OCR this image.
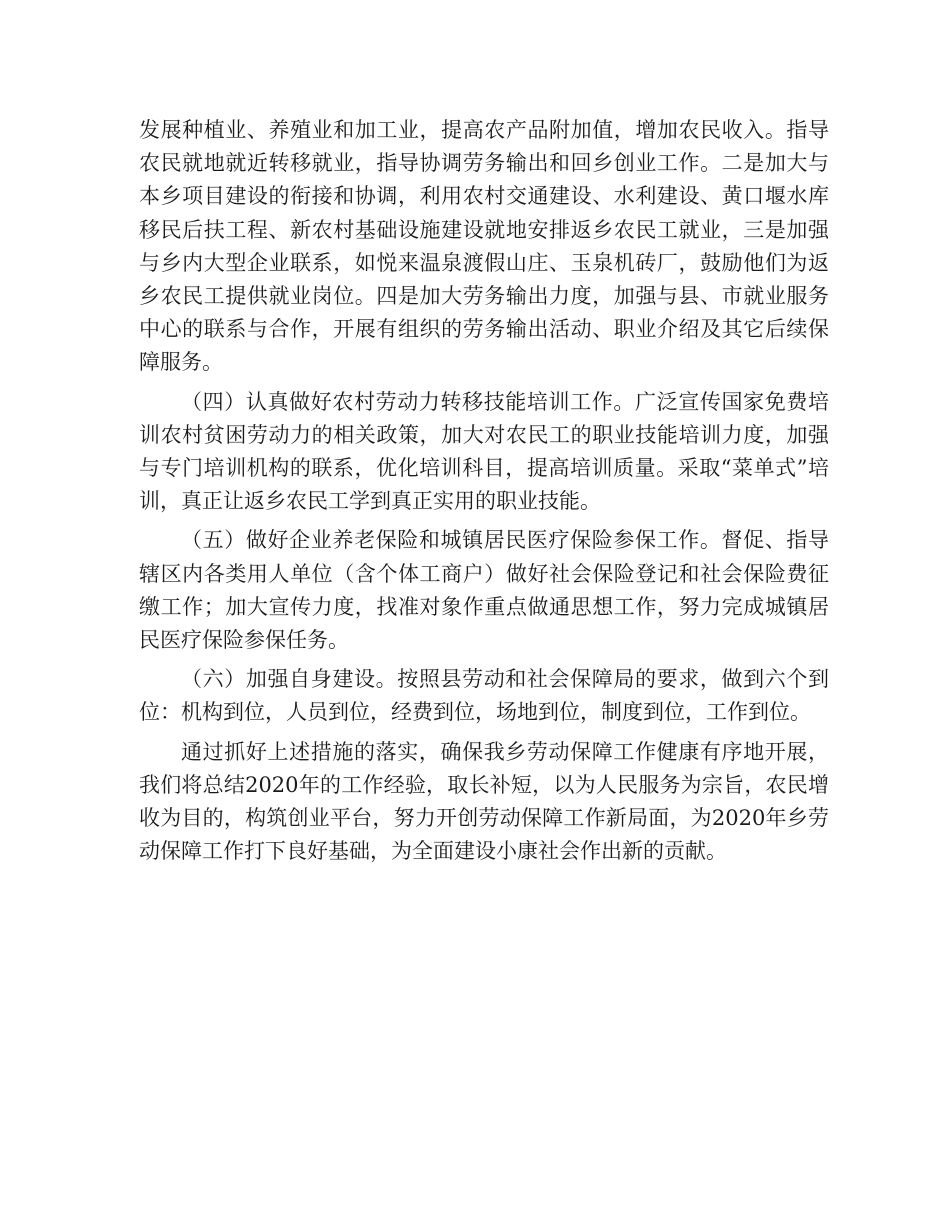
发展种植业、养殖业和加工业，提高农产品附加值，增加农民收入。指导农民就地就近转移就业，指导协调劳务输出和回乡创业工作。二是加大与本乡项目建设的衔接和协调，利用农村交通建设、水利建设、黄口堰水库移民后扶工程、新农村基础设施建设就地安排返乡农民工就业，三是加强与乡内大型企业联系，如悦来温泉渡假山庄、玉泉机砖厂，鼓励他们为返乡农民工提供就业岗位。四是加大劳务输出力度，加强与县、市就业服务中心的联系与合作，开展有组织的劳务输出活动、职业介绍及其它后续保障服务。

（四）认真做好农村劳动力转移技能培训工作。广泛宣传国家免费培训农村贫困劳动力的相关政策，加大对农民工的职业技能培训力度，加强与专门培训机构的联系，优化培训科目，提高培训质量。采取“菜单式”培训，真正让返乡农民工学到真正实用的职业技能。

（五）做好企业养老保险和城镇居民医疗保险参保工作。督促、指导辖区内各类用人单位（含个体工商户）做好社会保险登记和社会保险费征缴工作；加大宣传力度，找准对象作重点做通思想工作，努力完成城镇居民医疗保险参保任务。

（六）加强自身建设。按照县劳动和社会保障局的要求，做到六个到位：机构到位，人员到位，经费到位，场地到位，制度到位，工作到位。

通过抓好上述措施的落实，确保我乡劳动保障工作健康有序地开展，我们将总结2020年的工作经验，取长补短，以为人民服务为宗旨，农民增收为目的，构筑创业平台，努力开创劳动保障工作新局面，为2020年乡劳动保障工作打下良好基础，为全面建设小康社会作出新的贡献。
